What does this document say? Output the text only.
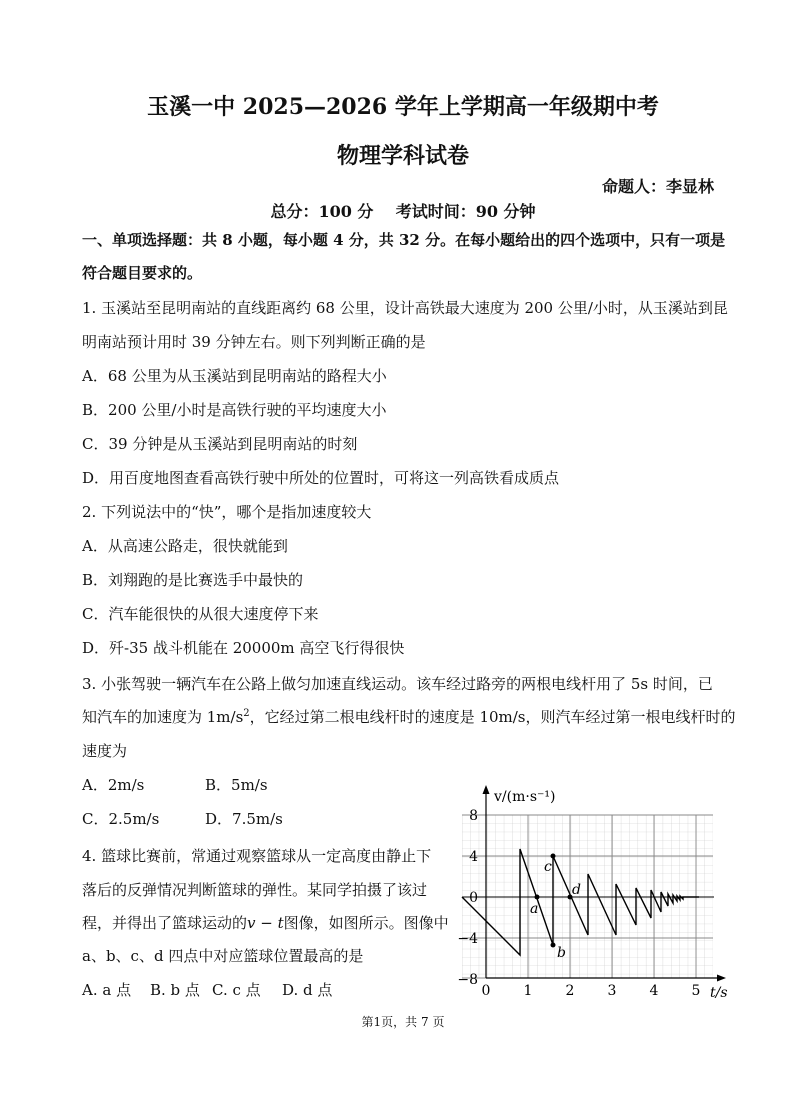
玉溪一中 2025—2026 学年上学期高一年级期中考
物理学科试卷
命题人：李显林
总分：100 分    考试时间：90 分钟
一、单项选择题：共 8 小题，每小题 4 分，共 32 分。在每小题给出的四个选项中，只有一项是
符合题目要求的。
1. 玉溪站至昆明南站的直线距离约 68 公里，设计高铁最大速度为 200 公里/小时，从玉溪站到昆
明南站预计用时 39 分钟左右。则下列判断正确的是
A．68 公里为从玉溪站到昆明南站的路程大小
B．200 公里/小时是高铁行驶的平均速度大小
C．39 分钟是从玉溪站到昆明南站的时刻
D．用百度地图查看高铁行驶中所处的位置时，可将这一列高铁看成质点
2. 下列说法中的“快”，哪个是指加速度较大
A．从高速公路走，很快就能到
B．刘翔跑的是比赛选手中最快的
C．汽车能很快的从很大速度停下来
D．歼-35 战斗机能在 20000m 高空飞行得很快
3. 小张驾驶一辆汽车在公路上做匀加速直线运动。该车经过路旁的两根电线杆用了 5s 时间，已
知汽车的加速度为 $1m/s^2$，它经过第二根电线杆时的速度是 10m/s，则汽车经过第一根电线杆时的
速度为
A．2m/s	B．5m/s
C．2.5m/s	D．7.5m/s
4. 篮球比赛前，常通过观察篮球从一定高度由静止下
落后的反弹情况判断篮球的弹性。某同学拍摄了该过
程，并得出了篮球运动的v − t图像，如图所示。图像中
a、b、c、d 四点中对应篮球位置最高的是
A. a 点 B. b 点 C. c 点 D. d 点
v/(m·s⁻¹)
t/s
8
4
0
−4
−8
0 1 2 3 4 5
a
b
c
d
第1页，共 7 页
